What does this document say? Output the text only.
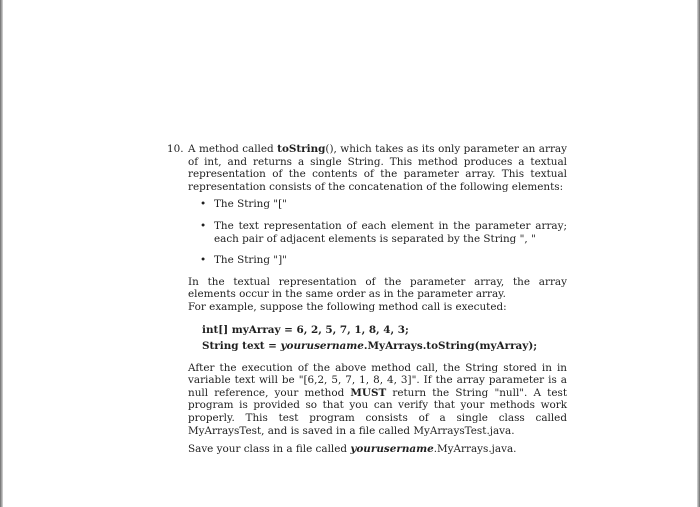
10. A method called toString(), which takes as its only parameter an array of int, and returns a single String. This method produces a textual representation of the contents of the parameter array. This textual representation consists of the concatenation of the following elements:

• The String "["
• The text representation of each element in the parameter array; each pair of adjacent elements is separated by the String ", "
• The String "]"

In the textual representation of the parameter array, the array elements occur in the same order as in the parameter array.

For example, suppose the following method call is executed:

int[] myArray = 6, 2, 5, 7, 1, 8, 4, 3;
String text = yourusername.MyArrays.toString(myArray);

After the execution of the above method call, the String stored in in variable text will be "[6,2, 5, 7, 1, 8, 4, 3]". If the array parameter is a null reference, your method MUST return the String "null". A test program is provided so that you can verify that your methods work properly. This test program consists of a single class called MyArraysTest, and is saved in a file called MyArraysTest.java.

Save your class in a file called yourusername.MyArrays.java.
